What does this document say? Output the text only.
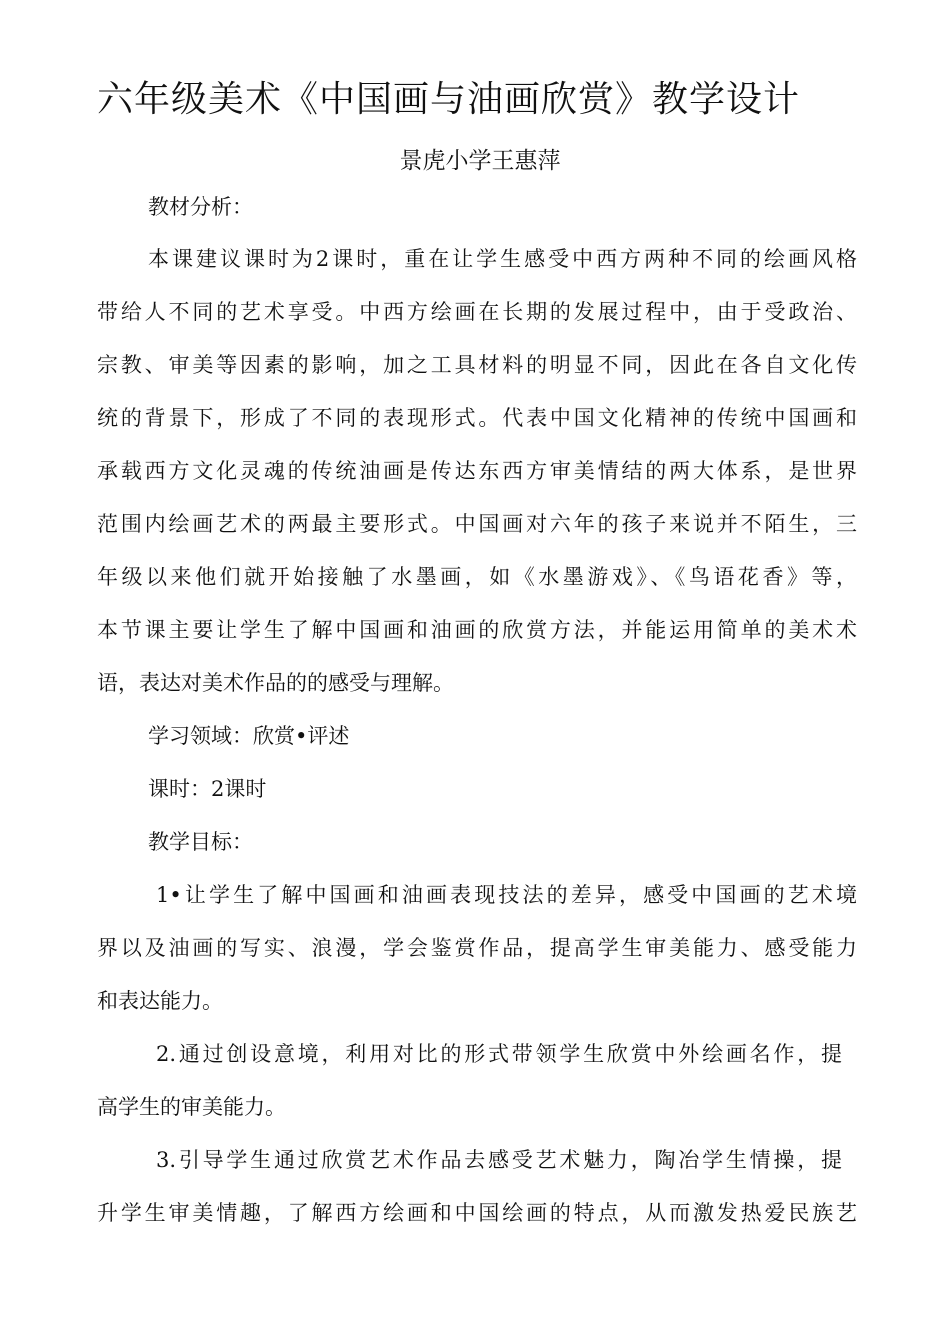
六年级美术《中国画与油画欣赏》教学设计

景虎小学王惠萍

教材分析：

本课建议课时为2课时，重在让学生感受中西方两种不同的绘画风格

带给人不同的艺术享受。中西方绘画在长期的发展过程中，由于受政治、

宗教、审美等因素的影响，加之工具材料的明显不同，因此在各自文化传

统的背景下，形成了不同的表现形式。代表中国文化精神的传统中国画和

承载西方文化灵魂的传统油画是传达东西方审美情结的两大体系，是世界

范围内绘画艺术的两最主要形式。中国画对六年的孩子来说并不陌生，三

年级以来他们就开始接触了水墨画，如《水墨游戏》、《鸟语花香》等，

本节课主要让学生了解中国画和油画的欣赏方法，并能运用简单的美术术

语，表达对美术作品的的感受与理解。

学习领域：欣赏•评述

课时：2课时

教学目标：

1•让学生了解中国画和油画表现技法的差异，感受中国画的艺术境

界以及油画的写实、浪漫，学会鉴赏作品，提高学生审美能力、感受能力

和表达能力。

2.通过创设意境，利用对比的形式带领学生欣赏中外绘画名作，提

高学生的审美能力。

3.引导学生通过欣赏艺术作品去感受艺术魅力，陶冶学生情操，提

升学生审美情趣，了解西方绘画和中国绘画的特点，从而激发热爱民族艺
